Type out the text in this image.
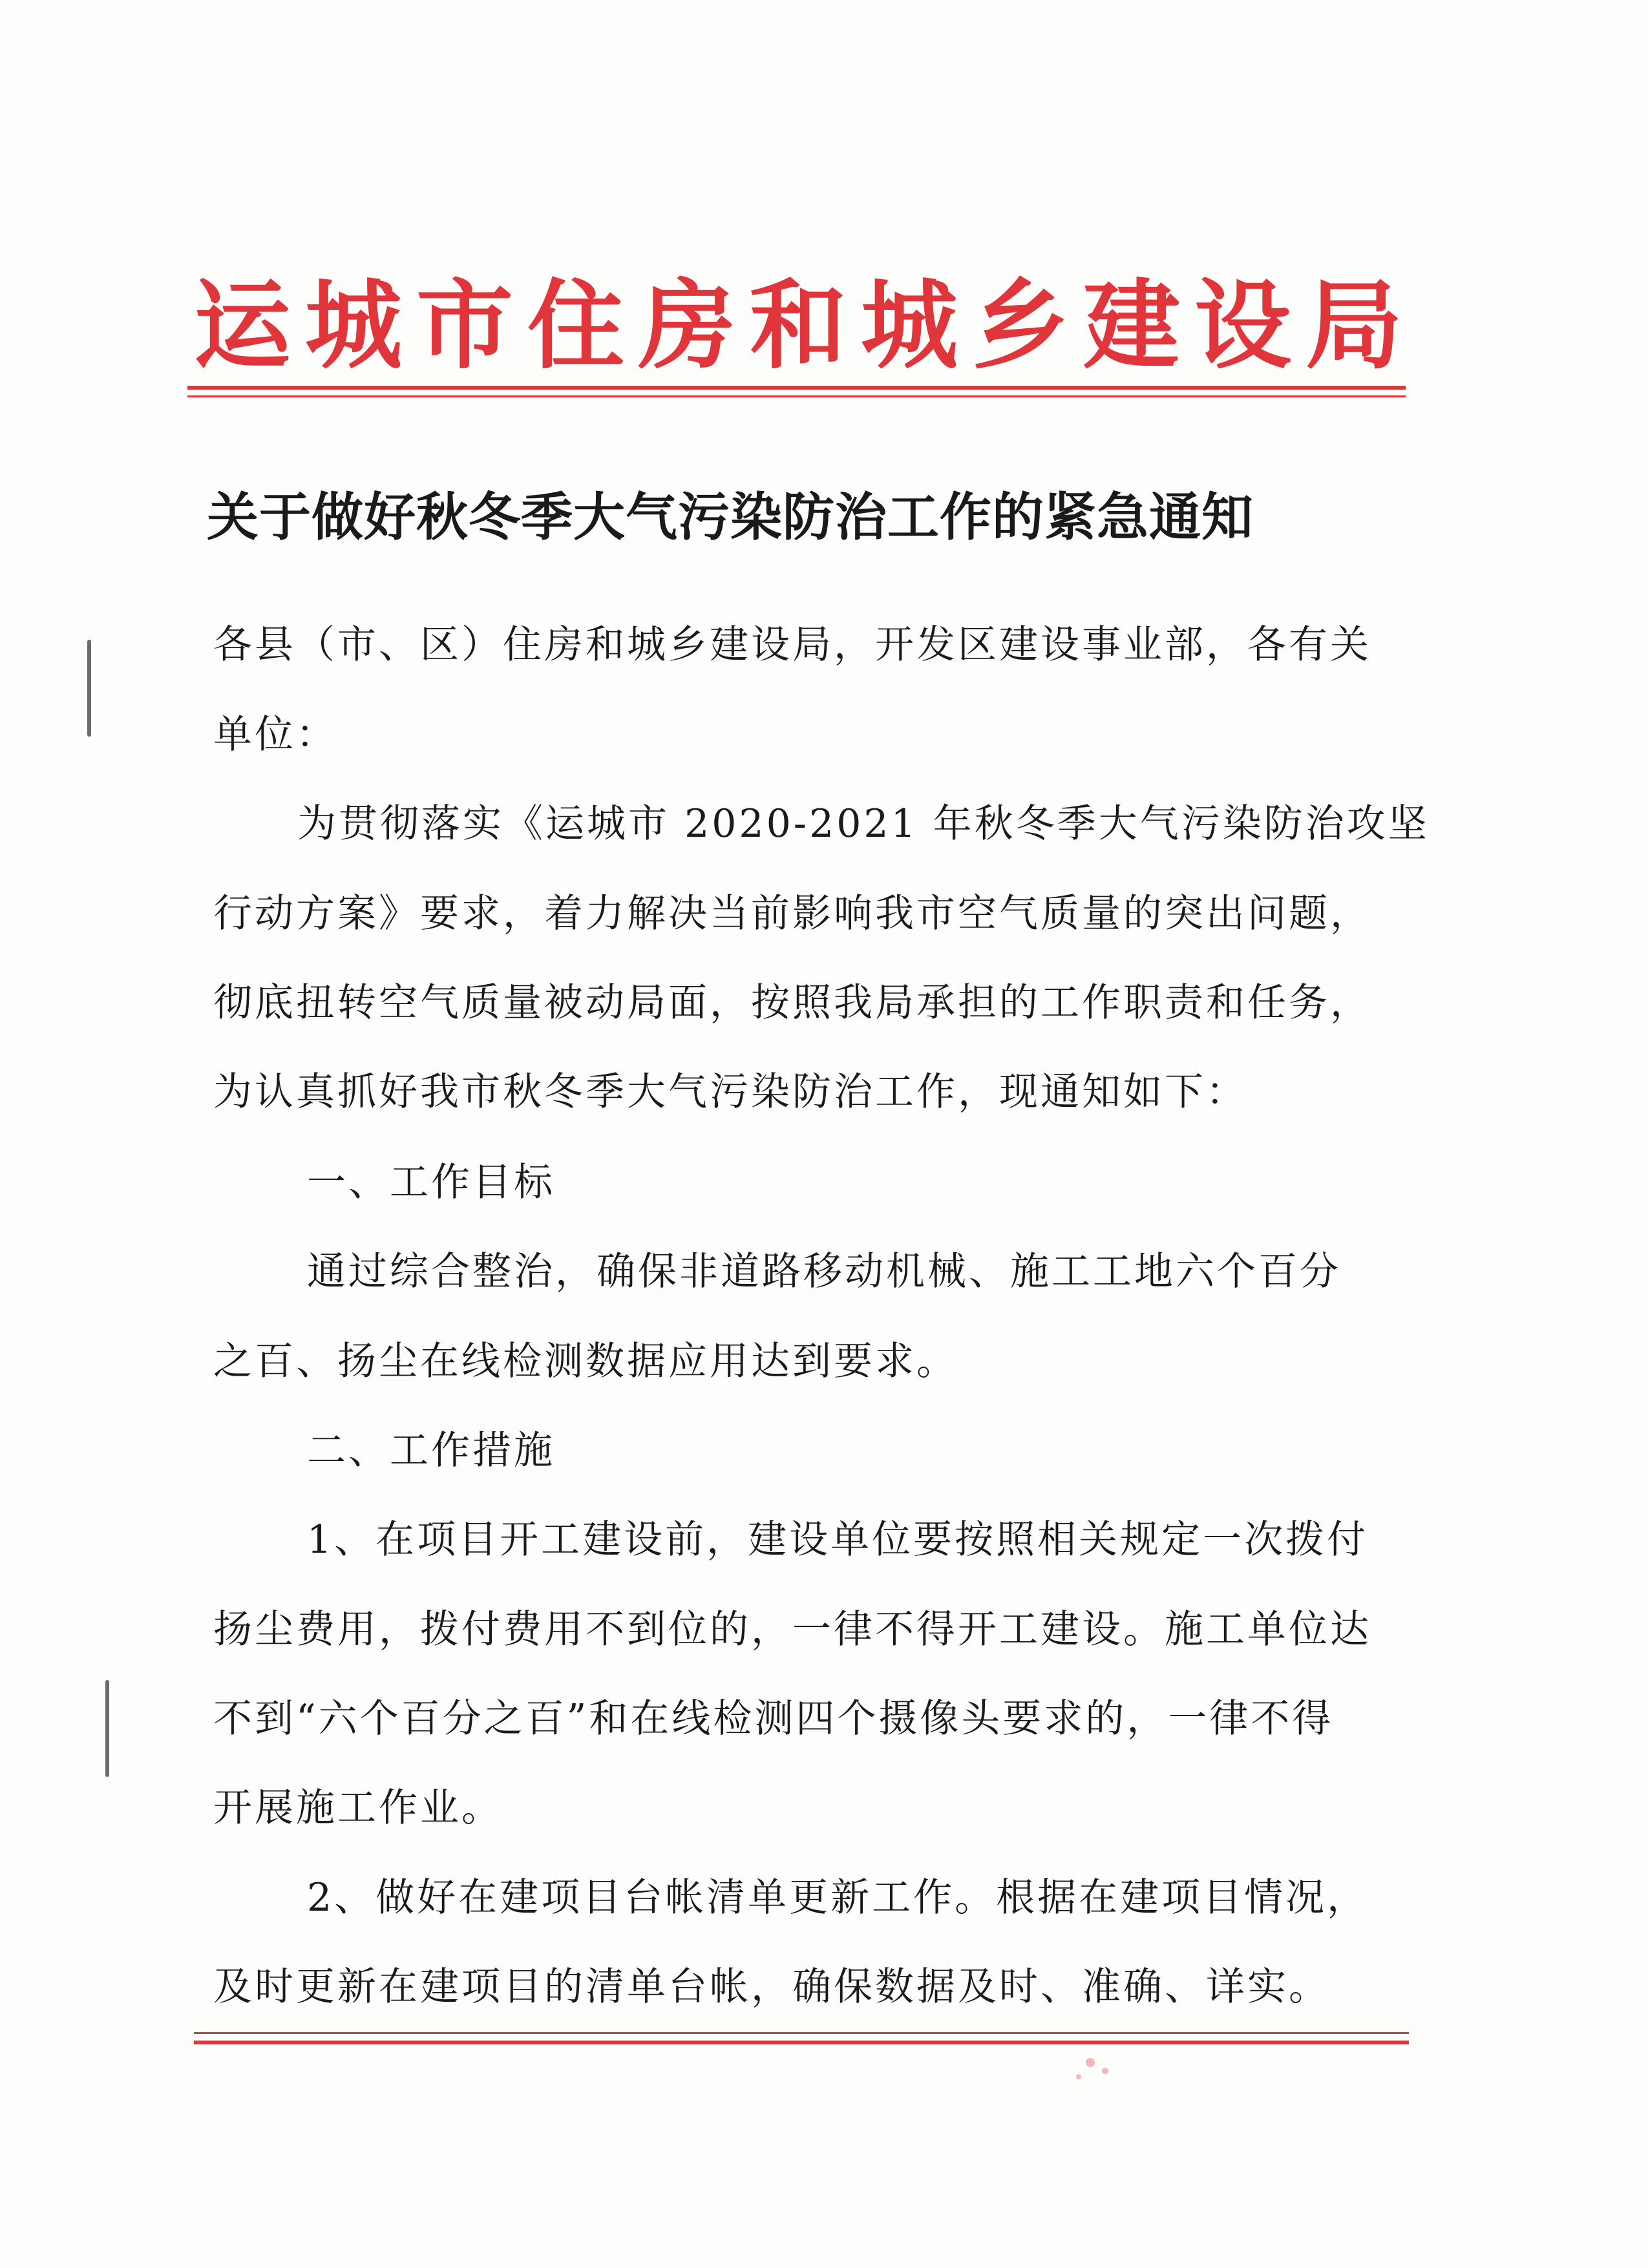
运城市住房和城乡建设局
关于做好秋冬季大气污染防治工作的紧急通知
各县（市、区）住房和城乡建设局，开发区建设事业部，各有关
单位：
为贯彻落实《运城市 2020-2021 年秋冬季大气污染防治攻坚
行动方案》要求，着力解决当前影响我市空气质量的突出问题，
彻底扭转空气质量被动局面，按照我局承担的工作职责和任务，
为认真抓好我市秋冬季大气污染防治工作，现通知如下：
一、工作目标
通过综合整治，确保非道路移动机械、施工工地六个百分
之百、扬尘在线检测数据应用达到要求。
二、工作措施
1、在项目开工建设前，建设单位要按照相关规定一次拨付
扬尘费用，拨付费用不到位的，一律不得开工建设。施工单位达
不到“六个百分之百”和在线检测四个摄像头要求的，一律不得
开展施工作业。
2、做好在建项目台帐清单更新工作。根据在建项目情况，
及时更新在建项目的清单台帐，确保数据及时、准确、详实。
